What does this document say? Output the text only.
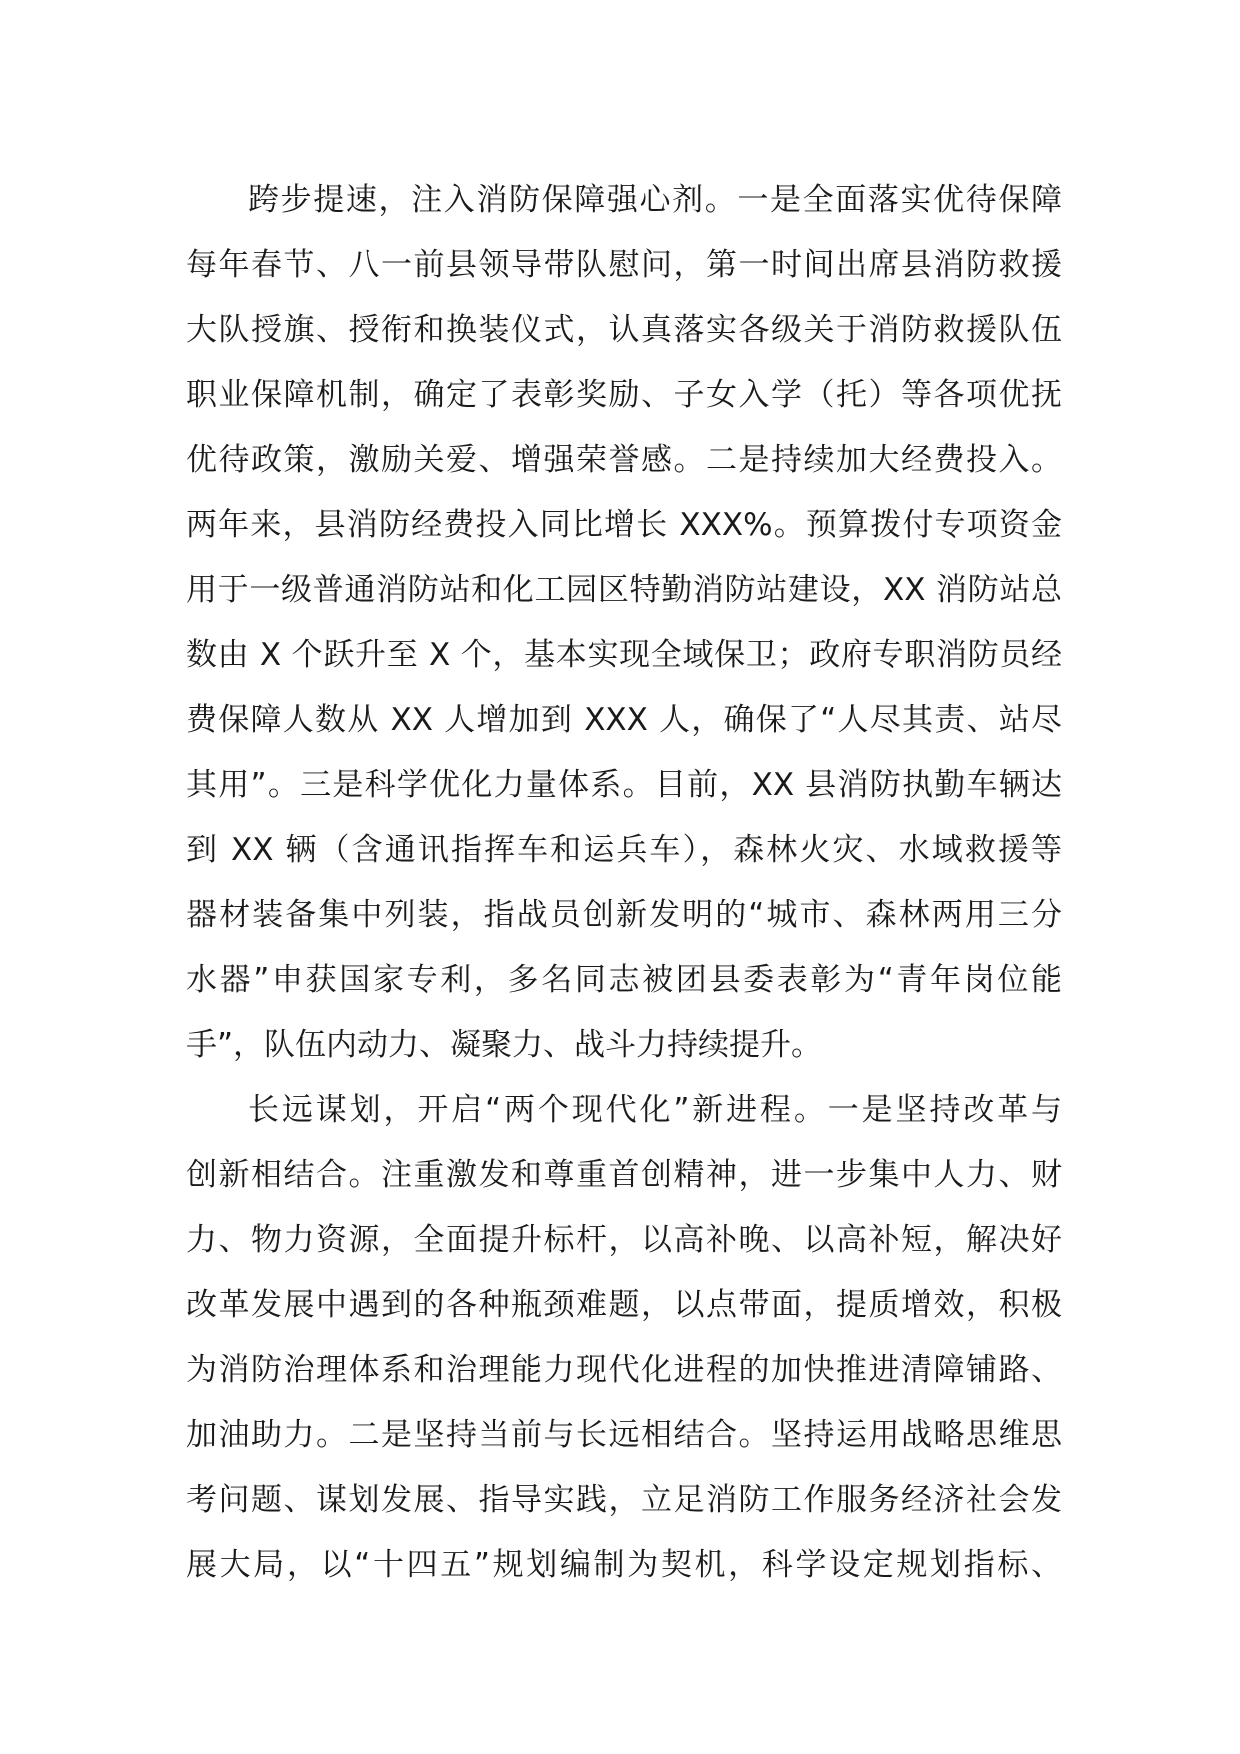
跨步提速，注入消防保障强心剂。一是全面落实优待保障
每年春节、八一前县领导带队慰问，第一时间出席县消防救援
大队授旗、授衔和换装仪式，认真落实各级关于消防救援队伍
职业保障机制，确定了表彰奖励、子女入学（托）等各项优抚
优待政策，激励关爱、增强荣誉感。二是持续加大经费投入。
两年来，县消防经费投入同比增长 XXX%。预算拨付专项资金
用于一级普通消防站和化工园区特勤消防站建设，XX 消防站总
数由 X 个跃升至 X 个，基本实现全域保卫；政府专职消防员经
费保障人数从 XX 人增加到 XXX 人，确保了“人尽其责、站尽
其用”。三是科学优化力量体系。目前，XX 县消防执勤车辆达
到 XX 辆（含通讯指挥车和运兵车），森林火灾、水域救援等
器材装备集中列装，指战员创新发明的“城市、森林两用三分
水器”申获国家专利，多名同志被团县委表彰为“青年岗位能
手”，队伍内动力、凝聚力、战斗力持续提升。
长远谋划，开启“两个现代化”新进程。一是坚持改革与
创新相结合。注重激发和尊重首创精神，进一步集中人力、财
力、物力资源，全面提升标杆，以高补晚、以高补短，解决好
改革发展中遇到的各种瓶颈难题，以点带面，提质增效，积极
为消防治理体系和治理能力现代化进程的加快推进清障铺路、
加油助力。二是坚持当前与长远相结合。坚持运用战略思维思
考问题、谋划发展、指导实践，立足消防工作服务经济社会发
展大局，以“十四五”规划编制为契机，科学设定规划指标、
